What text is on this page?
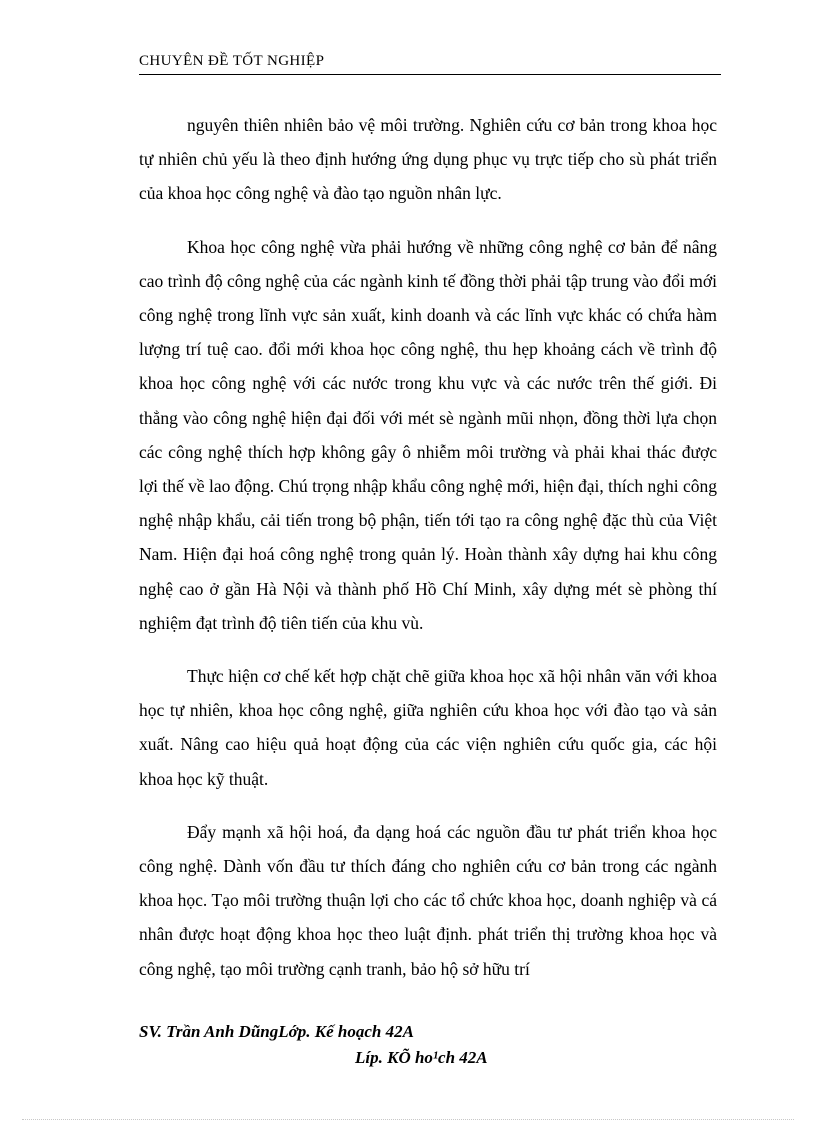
CHUYÊN ĐỀ TỐT NGHIỆP

nguyên thiên nhiên bảo vệ môi trường. Nghiên cứu cơ bản trong khoa học tự nhiên chủ yếu là theo định hướng ứng dụng phục vụ trực tiếp cho sù phát triển của khoa học công nghệ và đào tạo nguồn nhân lực.

Khoa học công nghệ vừa phải hướng về những công nghệ cơ bản để nâng cao trình độ công nghệ của các ngành kinh tế đồng thời phải tập trung vào đổi mới công nghệ trong lĩnh vực sản xuất, kinh doanh và các lĩnh vực khác có chứa hàm lượng trí tuệ cao. đổi mới khoa học công nghệ, thu hẹp khoảng cách về trình độ khoa học công nghệ với các nước trong khu vực và các nước trên thế giới. Đi thẳng vào công nghệ hiện đại đối với mét sè ngành mũi nhọn, đồng thời lựa chọn các công nghệ thích hợp không gây ô nhiễm môi trường và phải khai thác được lợi thế về lao động. Chú trọng nhập khẩu công nghệ mới, hiện đại, thích nghi công nghệ nhập khẩu, cải tiến trong bộ phận, tiến tới tạo ra công nghệ đặc thù của Việt Nam. Hiện đại hoá công nghệ trong quản lý. Hoàn thành xây dựng hai khu công nghệ cao ở gần Hà Nội và thành phố Hồ Chí Minh, xây dựng mét sè phòng thí nghiệm đạt trình độ tiên tiến của khu vù.

Thực hiện cơ chế kết hợp chặt chẽ giữa khoa học xã hội nhân văn với khoa học tự nhiên, khoa học công nghệ, giữa nghiên cứu khoa học với đào tạo và sản xuất. Nâng cao hiệu quả hoạt động của các viện nghiên cứu quốc gia, các hội khoa học kỹ thuật.

Đẩy mạnh xã hội hoá, đa dạng hoá các nguồn đầu tư phát triển khoa học công nghệ. Dành vốn đầu tư thích đáng cho nghiên cứu cơ bản trong các ngành khoa học. Tạo môi trường thuận lợi cho các tổ chức khoa học, doanh nghiệp và cá nhân được hoạt động khoa học theo luật định. phát triển thị trường khoa học và công nghệ, tạo môi trường cạnh tranh, bảo hộ sở hữu trí

SV. Trần Anh DũngLớp. Kế hoạch 42A
Líp. KÕ ho¹ch 42A
